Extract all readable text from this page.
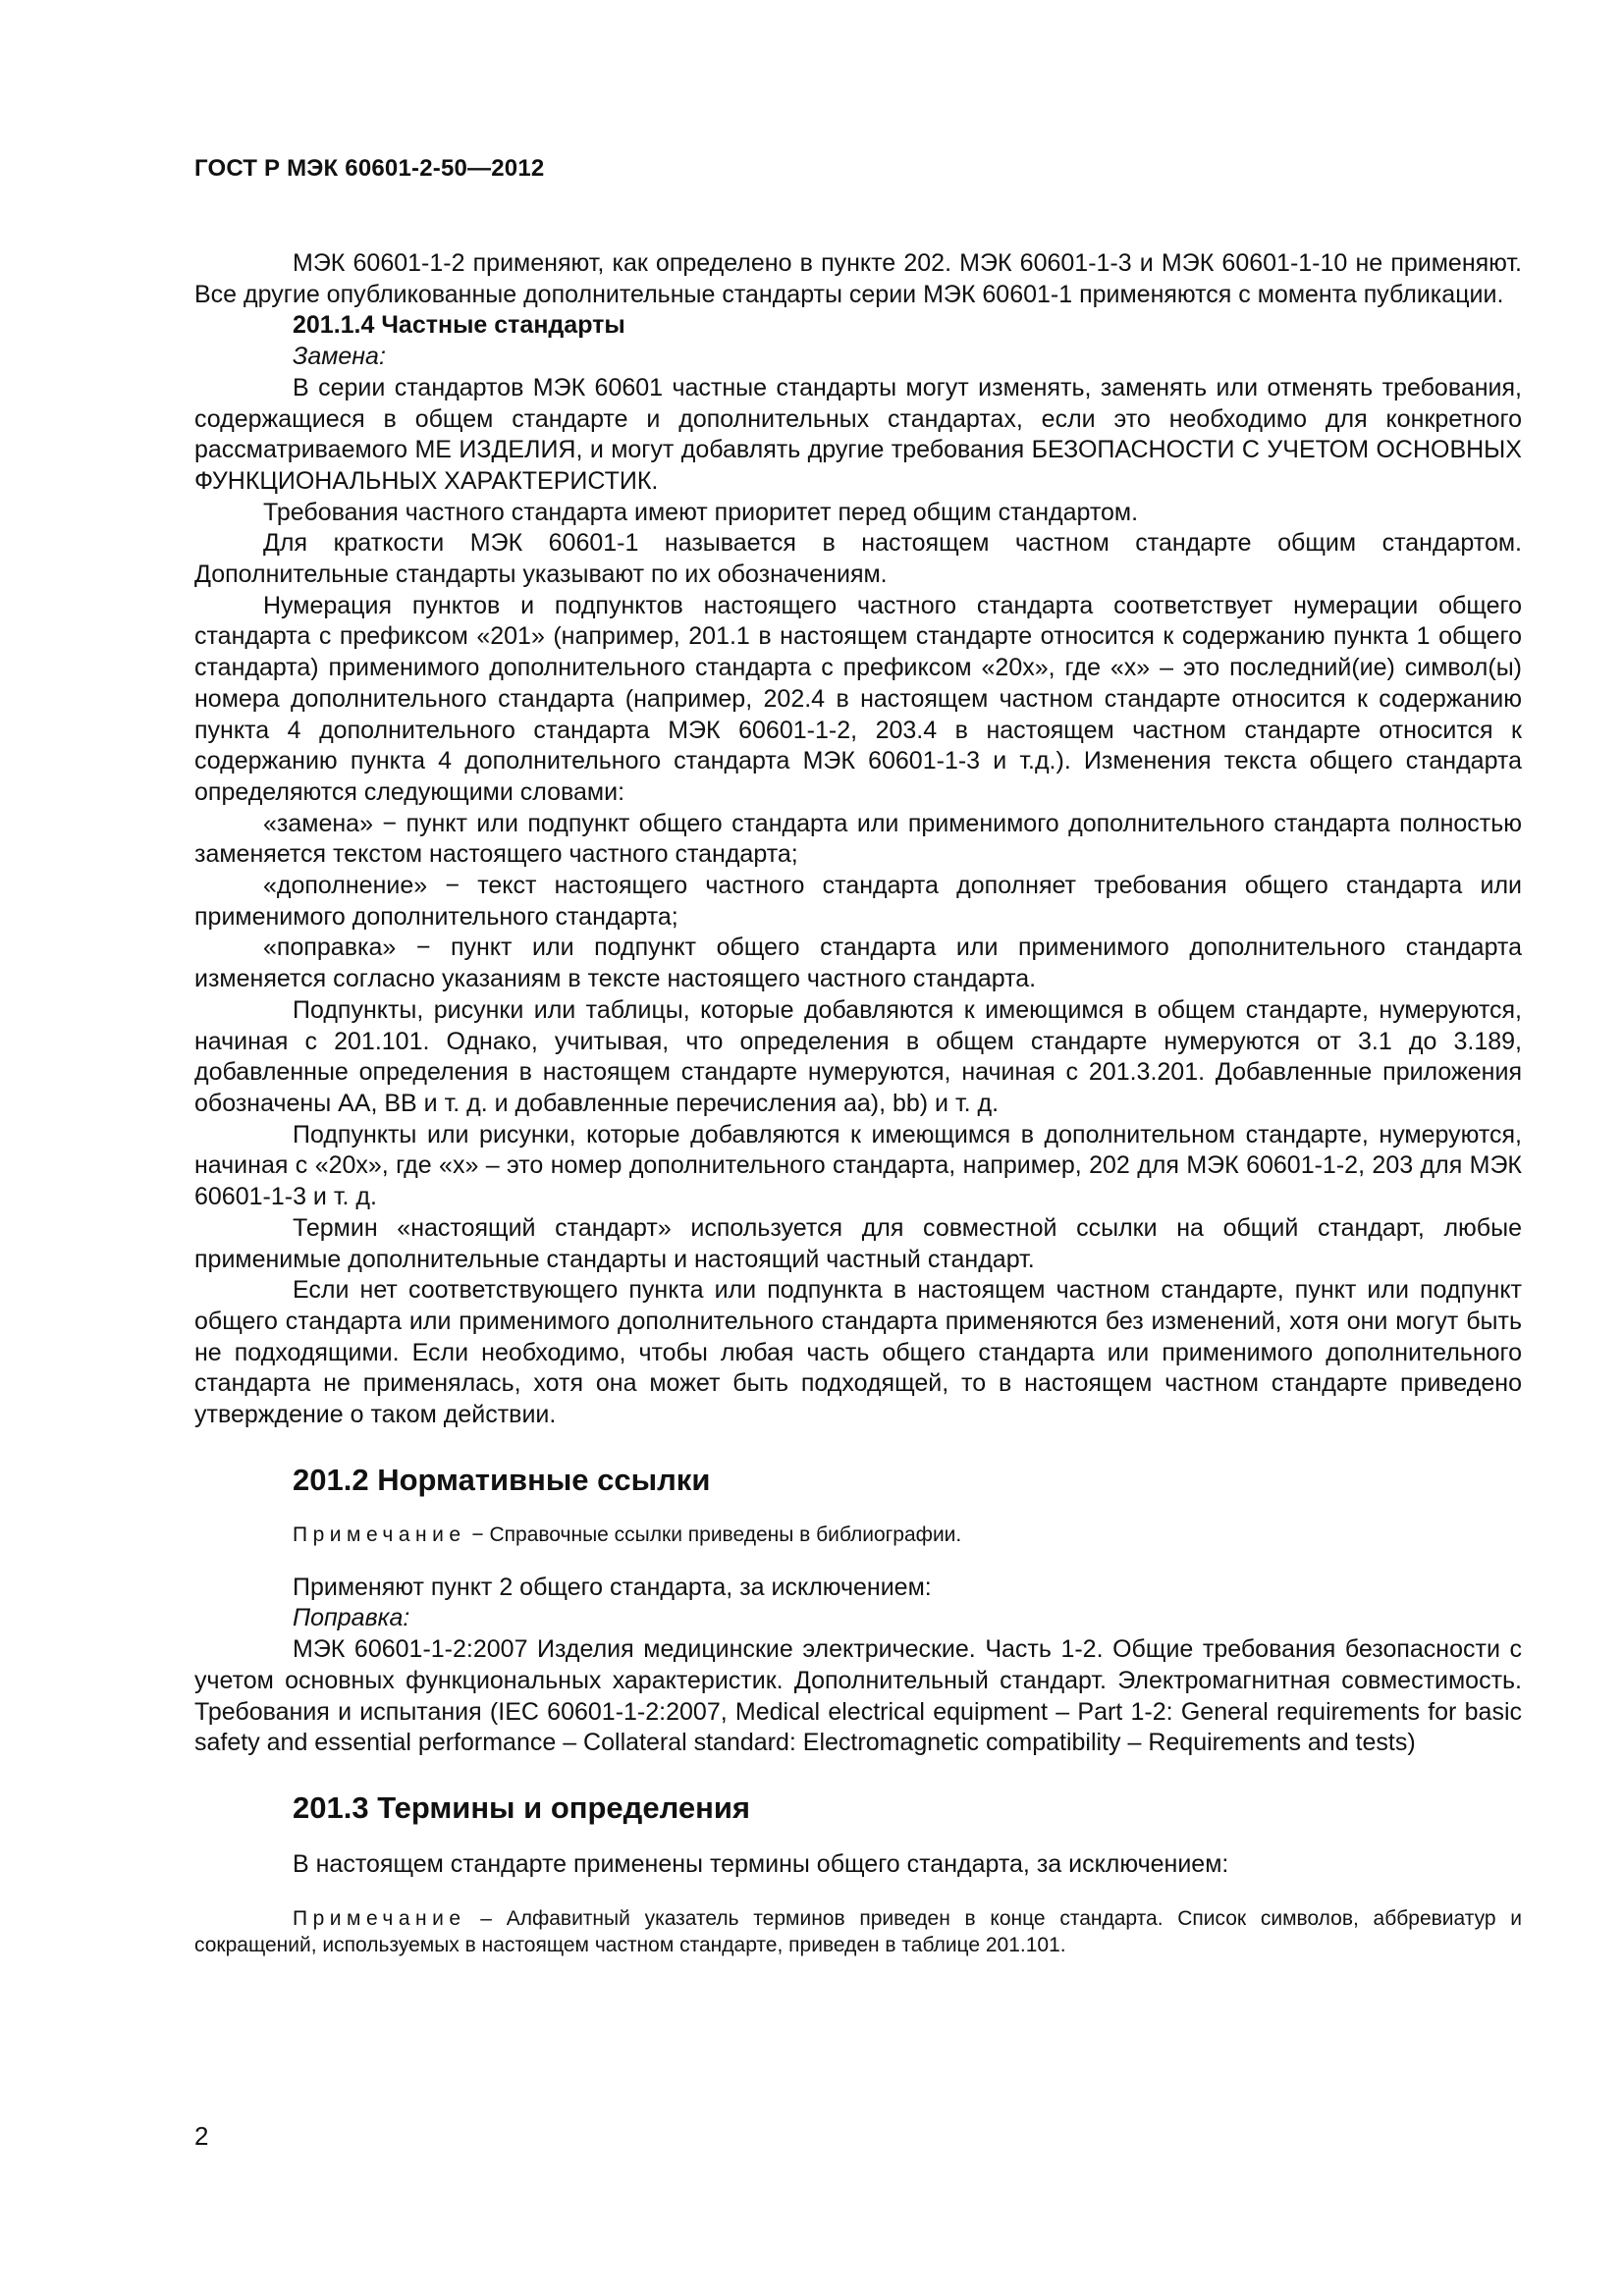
ГОСТ Р МЭК 60601-2-50—2012

МЭК 60601-1-2 применяют, как определено в пункте 202. МЭК 60601-1-3 и МЭК 60601-1-10 не применяют. Все другие опубликованные дополнительные стандарты серии МЭК 60601-1 применяются с момента публикации.

201.1.4 Частные стандарты
Замена:

В серии стандартов МЭК 60601 частные стандарты могут изменять, заменять или отменять требования, содержащиеся в общем стандарте и дополнительных стандартах, если это необходимо для конкретного рассматриваемого МЕ ИЗДЕЛИЯ, и могут добавлять другие требования БЕЗОПАСНОСТИ С УЧЕТОМ ОСНОВНЫХ ФУНКЦИОНАЛЬНЫХ ХАРАКТЕРИСТИК.

Требования частного стандарта имеют приоритет перед общим стандартом.

Для краткости МЭК 60601-1 называется в настоящем частном стандарте общим стандартом. Дополнительные стандарты указывают по их обозначениям.

Нумерация пунктов и подпунктов настоящего частного стандарта соответствует нумерации общего стандарта с префиксом «201» (например, 201.1 в настоящем стандарте относится к содержанию пункта 1 общего стандарта) применимого дополнительного стандарта с префиксом «20x», где «x» – это последний(ие) символ(ы) номера дополнительного стандарта (например, 202.4 в настоящем частном стандарте относится к содержанию пункта 4 дополнительного стандарта МЭК 60601-1-2, 203.4 в настоящем частном стандарте относится к содержанию пункта 4 дополнительного стандарта МЭК 60601-1-3 и т.д.). Изменения текста общего стандарта определяются следующими словами:

«замена» − пункт или подпункт общего стандарта или применимого дополнительного стандарта полностью заменяется текстом настоящего частного стандарта;

«дополнение» − текст настоящего частного стандарта дополняет требования общего стандарта или применимого дополнительного стандарта;

«поправка» − пункт или подпункт общего стандарта или применимого дополнительного стандарта изменяется согласно указаниям в тексте настоящего частного стандарта.

Подпункты, рисунки или таблицы, которые добавляются к имеющимся в общем стандарте, нумеруются, начиная с 201.101. Однако, учитывая, что определения в общем стандарте нумеруются от 3.1 до 3.189, добавленные определения в настоящем стандарте нумеруются, начиная с 201.3.201. Добавленные приложения обозначены АА, ВВ и т. д. и добавленные перечисления aa), bb) и т. д.

Подпункты или рисунки, которые добавляются к имеющимся в дополнительном стандарте, нумеруются, начиная с «20x», где «x» – это номер дополнительного стандарта, например, 202 для МЭК 60601-1-2, 203 для МЭК 60601-1-3 и т. д.

Термин «настоящий стандарт» используется для совместной ссылки на общий стандарт, любые применимые дополнительные стандарты и настоящий частный стандарт.

Если нет соответствующего пункта или подпункта в настоящем частном стандарте, пункт или подпункт общего стандарта или применимого дополнительного стандарта применяются без изменений, хотя они могут быть не подходящими. Если необходимо, чтобы любая часть общего стандарта или применимого дополнительного стандарта не применялась, хотя она может быть подходящей, то в настоящем частном стандарте приведено утверждение о таком действии.

201.2 Нормативные ссылки

Примечание − Справочные ссылки приведены в библиографии.

Применяют пункт 2 общего стандарта, за исключением:
Поправка:

МЭК 60601-1-2:2007 Изделия медицинские электрические. Часть 1-2. Общие требования безопасности с учетом основных функциональных характеристик. Дополнительный стандарт. Электромагнитная совместимость. Требования и испытания (IEC 60601-1-2:2007, Medical electrical equipment – Part 1-2: General requirements for basic safety and essential performance – Collateral standard: Electromagnetic compatibility – Requirements and tests)

201.3 Термины и определения
В настоящем стандарте применены термины общего стандарта, за исключением:

Примечание – Алфавитный указатель терминов приведен в конце стандарта. Список символов, аббревиатур и сокращений, используемых в настоящем частном стандарте, приведен в таблице 201.101.

2
